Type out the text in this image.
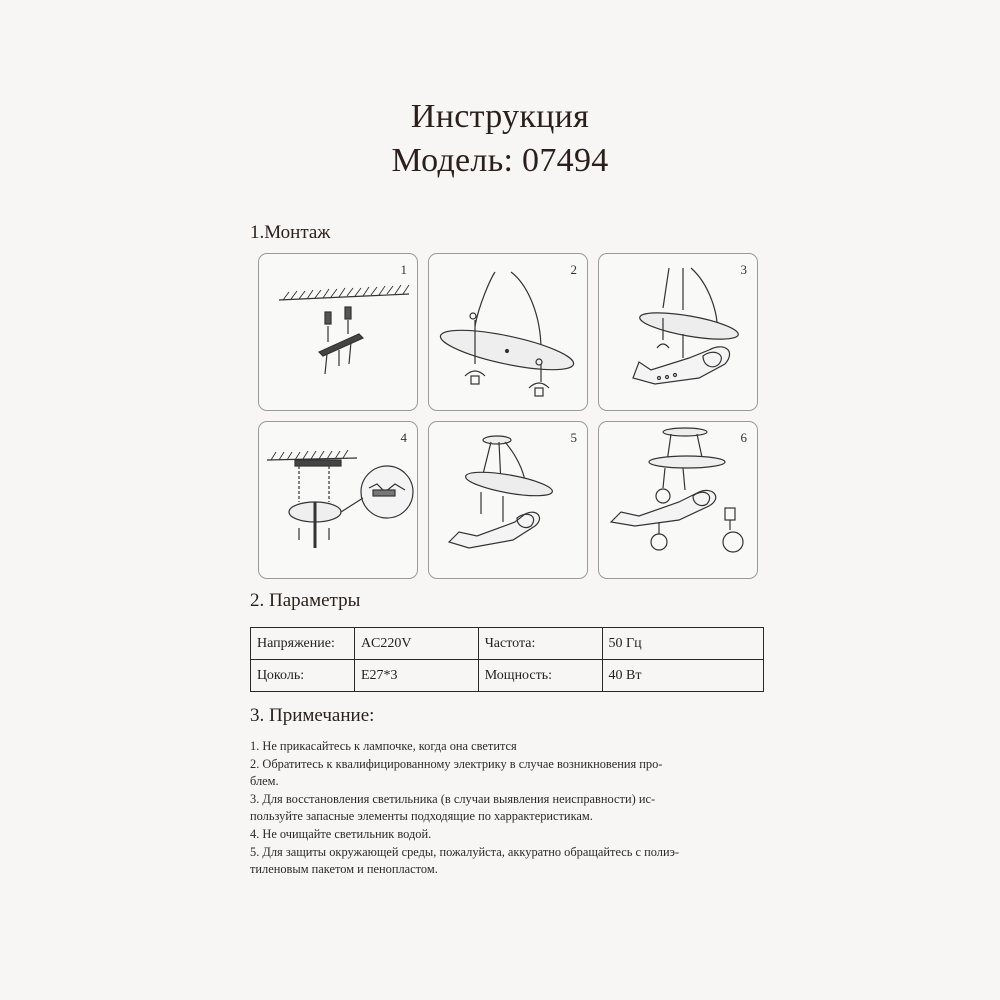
Инструкция
Модель: 07494
1.Монтаж
1	2	3
4	5	6
2. Параметры
Напряжение:	AC220V	Частота:	50 Гц
Цоколь:	E27*3	Мощность:	40 Вт
3. Примечание:

1. Не прикасайтесь к лампочке, когда она светится

2. Обратитесь к квалифицированному электрику в случае возникновения про-

блем.

3. Для восстановления светильника (в случаи выявления неисправности) ис-

пользуйте запасные элементы подходящие по харрактеристикам.

4. Не очищайте светильник водой.

5. Для защиты окружающей среды, пожалуйста, аккуратно обращайтесь с полиэ-

тиленовым пакетом и пенопластом.
